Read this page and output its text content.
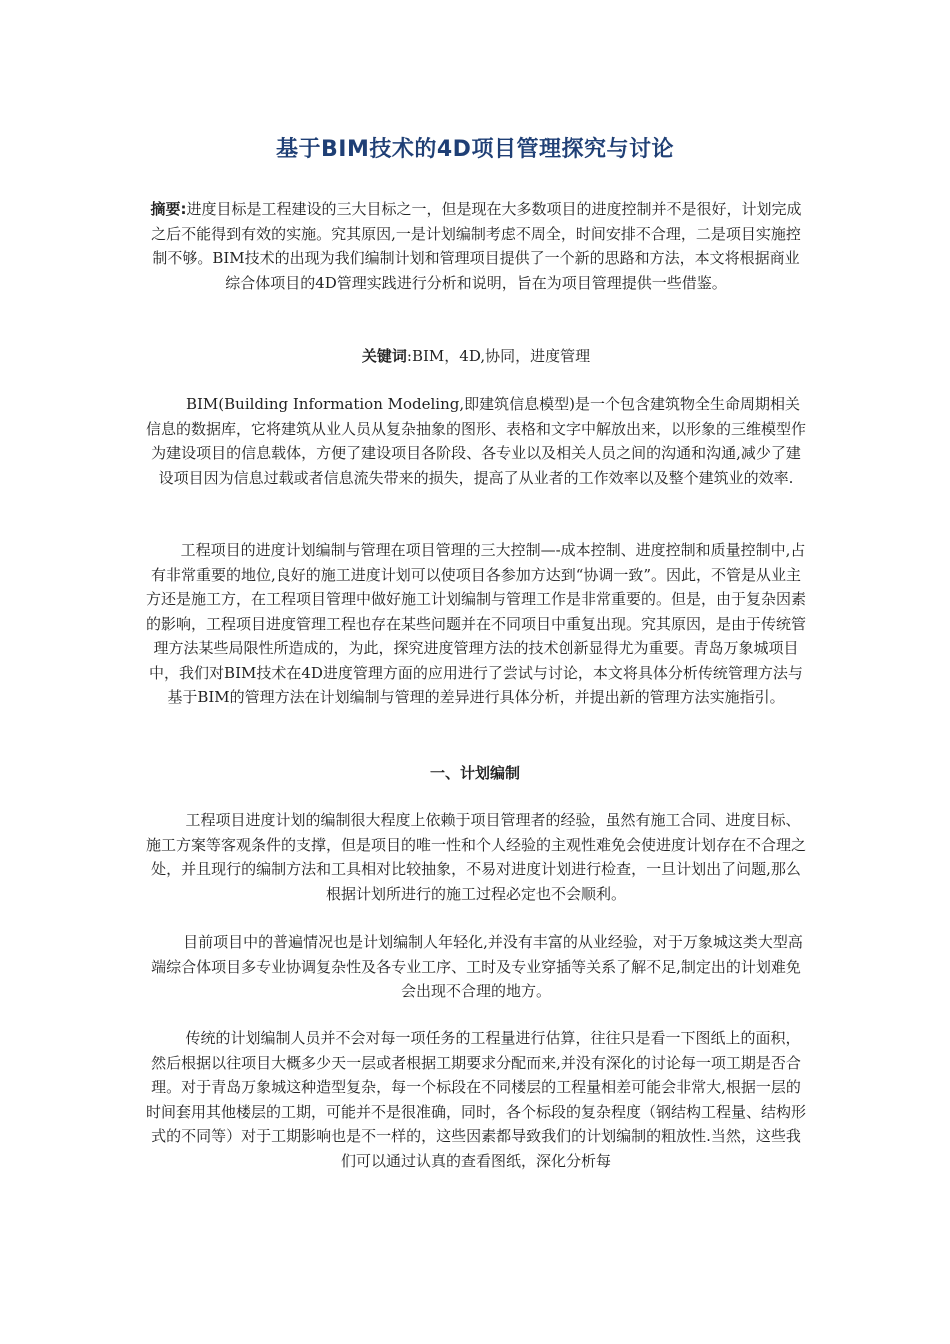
基于BIM技术的4D项目管理探究与讨论

摘要:进度目标是工程建设的三大目标之一，但是现在大多数项目的进度控制并不是很好，计划完成之后不能得到有效的实施。究其原因,一是计划编制考虑不周全，时间安排不合理，二是项目实施控制不够。BIM技术的出现为我们编制计划和管理项目提供了一个新的思路和方法，本文将根据商业综合体项目的4D管理实践进行分析和说明，旨在为项目管理提供一些借鉴。

关键词:BIM，4D,协同，进度管理

BIM(Building Information Modeling,即建筑信息模型)是一个包含建筑物全生命周期相关信息的数据库，它将建筑从业人员从复杂抽象的图形、表格和文字中解放出来，以形象的三维模型作为建设项目的信息载体，方便了建设项目各阶段、各专业以及相关人员之间的沟通和沟通,减少了建设项目因为信息过载或者信息流失带来的损失，提高了从业者的工作效率以及整个建筑业的效率.

工程项目的进度计划编制与管理在项目管理的三大控制—-成本控制、进度控制和质量控制中,占有非常重要的地位,良好的施工进度计划可以使项目各参加方达到“协调一致”。因此，不管是从业主方还是施工方，在工程项目管理中做好施工计划编制与管理工作是非常重要的。但是，由于复杂因素的影响，工程项目进度管理工程也存在某些问题并在不同项目中重复出现。究其原因，是由于传统管理方法某些局限性所造成的，为此，探究进度管理方法的技术创新显得尤为重要。青岛万象城项目中，我们对BIM技术在4D进度管理方面的应用进行了尝试与讨论，本文将具体分析传统管理方法与基于BIM的管理方法在计划编制与管理的差异进行具体分析，并提出新的管理方法实施指引。

一、计划编制

工程项目进度计划的编制很大程度上依赖于项目管理者的经验，虽然有施工合同、进度目标、施工方案等客观条件的支撑，但是项目的唯一性和个人经验的主观性难免会使进度计划存在不合理之处，并且现行的编制方法和工具相对比较抽象，不易对进度计划进行检查，一旦计划出了问题,那么根据计划所进行的施工过程必定也不会顺利。

目前项目中的普遍情况也是计划编制人年轻化,并没有丰富的从业经验，对于万象城这类大型高端综合体项目多专业协调复杂性及各专业工序、工时及专业穿插等关系了解不足,制定出的计划难免会出现不合理的地方。

传统的计划编制人员并不会对每一项任务的工程量进行估算，往往只是看一下图纸上的面积，然后根据以往项目大概多少天一层或者根据工期要求分配而来,并没有深化的讨论每一项工期是否合理。对于青岛万象城这种造型复杂，每一个标段在不同楼层的工程量相差可能会非常大,根据一层的时间套用其他楼层的工期，可能并不是很准确，同时，各个标段的复杂程度（钢结构工程量、结构形式的不同等）对于工期影响也是不一样的，这些因素都导致我们的计划编制的粗放性.当然，这些我们可以通过认真的查看图纸，深化分析每
